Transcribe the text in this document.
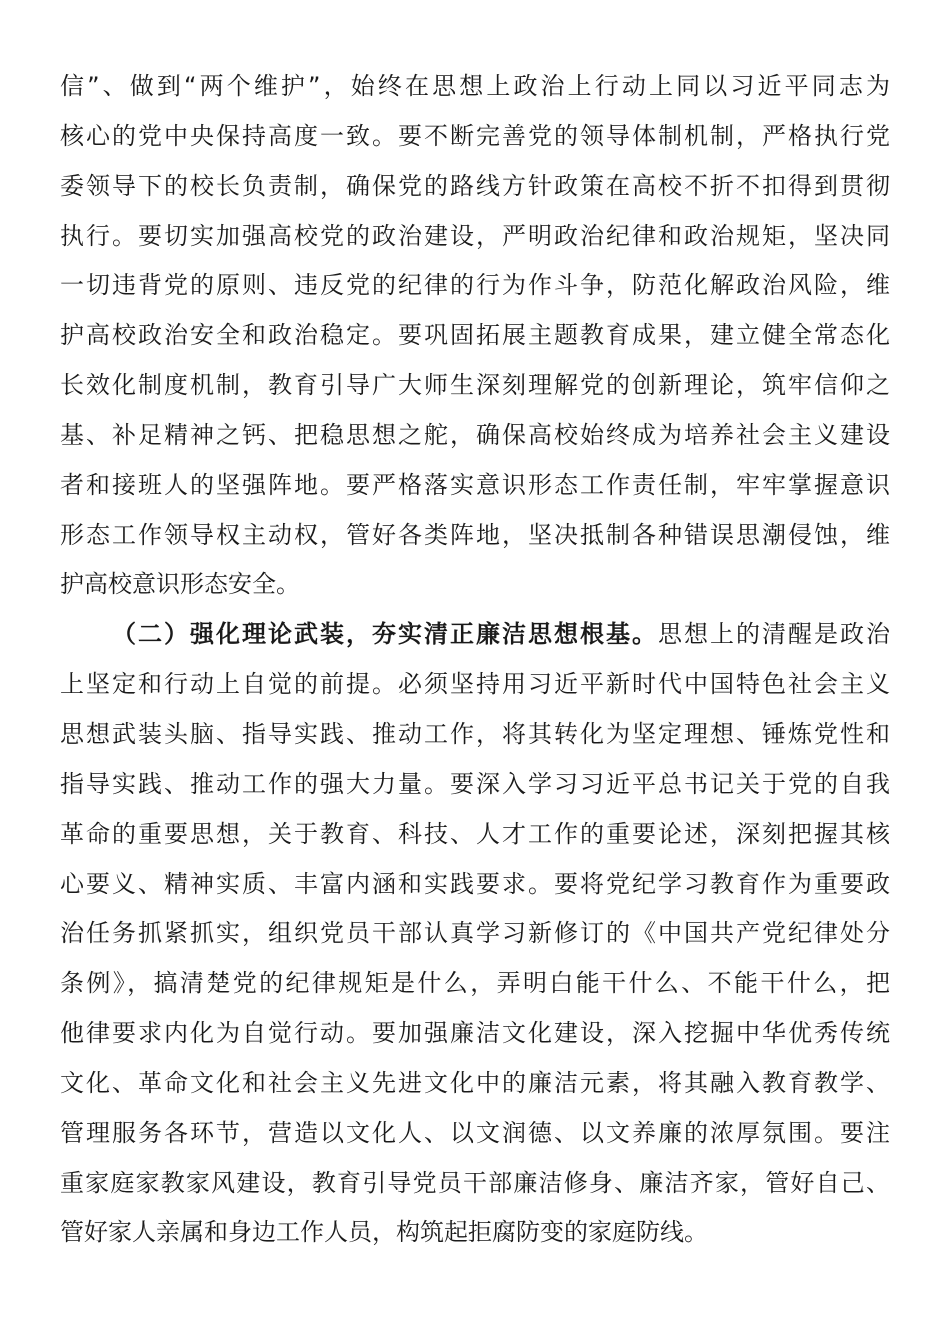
信”、做到“两个维护”，始终在思想上政治上行动上同以习近平同志为
核心的党中央保持高度一致。要不断完善党的领导体制机制，严格执行党
委领导下的校长负责制，确保党的路线方针政策在高校不折不扣得到贯彻
执行。要切实加强高校党的政治建设，严明政治纪律和政治规矩，坚决同
一切违背党的原则、违反党的纪律的行为作斗争，防范化解政治风险，维
护高校政治安全和政治稳定。要巩固拓展主题教育成果，建立健全常态化
长效化制度机制，教育引导广大师生深刻理解党的创新理论，筑牢信仰之
基、补足精神之钙、把稳思想之舵，确保高校始终成为培养社会主义建设
者和接班人的坚强阵地。要严格落实意识形态工作责任制，牢牢掌握意识
形态工作领导权主动权，管好各类阵地，坚决抵制各种错误思潮侵蚀，维
护高校意识形态安全。
（二）强化理论武装，夯实清正廉洁思想根基。思想上的清醒是政治
上坚定和行动上自觉的前提。必须坚持用习近平新时代中国特色社会主义
思想武装头脑、指导实践、推动工作，将其转化为坚定理想、锤炼党性和
指导实践、推动工作的强大力量。要深入学习习近平总书记关于党的自我
革命的重要思想，关于教育、科技、人才工作的重要论述，深刻把握其核
心要义、精神实质、丰富内涵和实践要求。要将党纪学习教育作为重要政
治任务抓紧抓实，组织党员干部认真学习新修订的《中国共产党纪律处分
条例》，搞清楚党的纪律规矩是什么，弄明白能干什么、不能干什么，把
他律要求内化为自觉行动。要加强廉洁文化建设，深入挖掘中华优秀传统
文化、革命文化和社会主义先进文化中的廉洁元素，将其融入教育教学、
管理服务各环节，营造以文化人、以文润德、以文养廉的浓厚氛围。要注
重家庭家教家风建设，教育引导党员干部廉洁修身、廉洁齐家，管好自己、
管好家人亲属和身边工作人员，构筑起拒腐防变的家庭防线。
